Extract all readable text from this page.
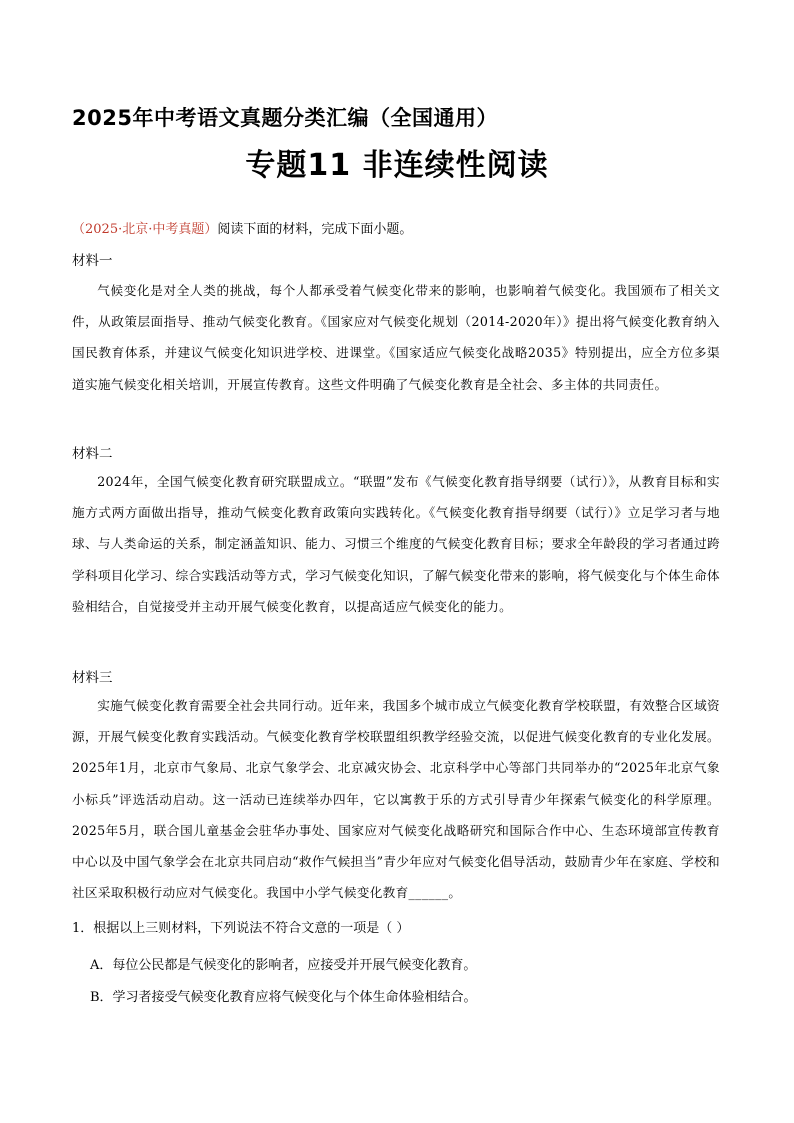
2025年中考语文真题分类汇编（全国通用）
专题11 非连续性阅读
（2025·北京·中考真题）阅读下面的材料，完成下面小题。
材料一
气候变化是对全人类的挑战，每个人都承受着气候变化带来的影响，也影响着气候变化。我国颁布了相关文件，从政策层面指导、推动气候变化教育。《国家应对气候变化规划（2014-2020年）》提出将气候变化教育纳入国民教育体系，并建议气候变化知识进学校、进课堂。《国家适应气候变化战略2035》特别提出，应全方位多渠道实施气候变化相关培训，开展宣传教育。这些文件明确了气候变化教育是全社会、多主体的共同责任。
材料二
2024年，全国气候变化教育研究联盟成立。“联盟”发布《气候变化教育指导纲要（试行）》，从教育目标和实施方式两方面做出指导，推动气候变化教育政策向实践转化。《气候变化教育指导纲要（试行）》立足学习者与地球、与人类命运的关系，制定涵盖知识、能力、习惯三个维度的气候变化教育目标；要求全年龄段的学习者通过跨学科项目化学习、综合实践活动等方式，学习气候变化知识，了解气候变化带来的影响，将气候变化与个体生命体验相结合，自觉接受并主动开展气候变化教育，以提高适应气候变化的能力。
材料三
实施气候变化教育需要全社会共同行动。近年来，我国多个城市成立气候变化教育学校联盟，有效整合区域资源，开展气候变化教育实践活动。气候变化教育学校联盟组织教学经验交流，以促进气候变化教育的专业化发展。2025年1月，北京市气象局、北京气象学会、北京减灾协会、北京科学中心等部门共同举办的“2025年北京气象小标兵”评选活动启动。这一活动已连续举办四年，它以寓教于乐的方式引导青少年探索气候变化的科学原理。2025年5月，联合国儿童基金会驻华办事处、国家应对气候变化战略研究和国际合作中心、生态环境部宣传教育中心以及中国气象学会在北京共同启动“救作气候担当”青少年应对气候变化倡导活动，鼓励青少年在家庭、学校和社区采取积极行动应对气候变化。我国中小学气候变化教育______。
1．根据以上三则材料，下列说法不符合文意的一项是（ ）
A．每位公民都是气候变化的影响者，应接受并开展气候变化教育。
B．学习者接受气候变化教育应将气候变化与个体生命体验相结合。
